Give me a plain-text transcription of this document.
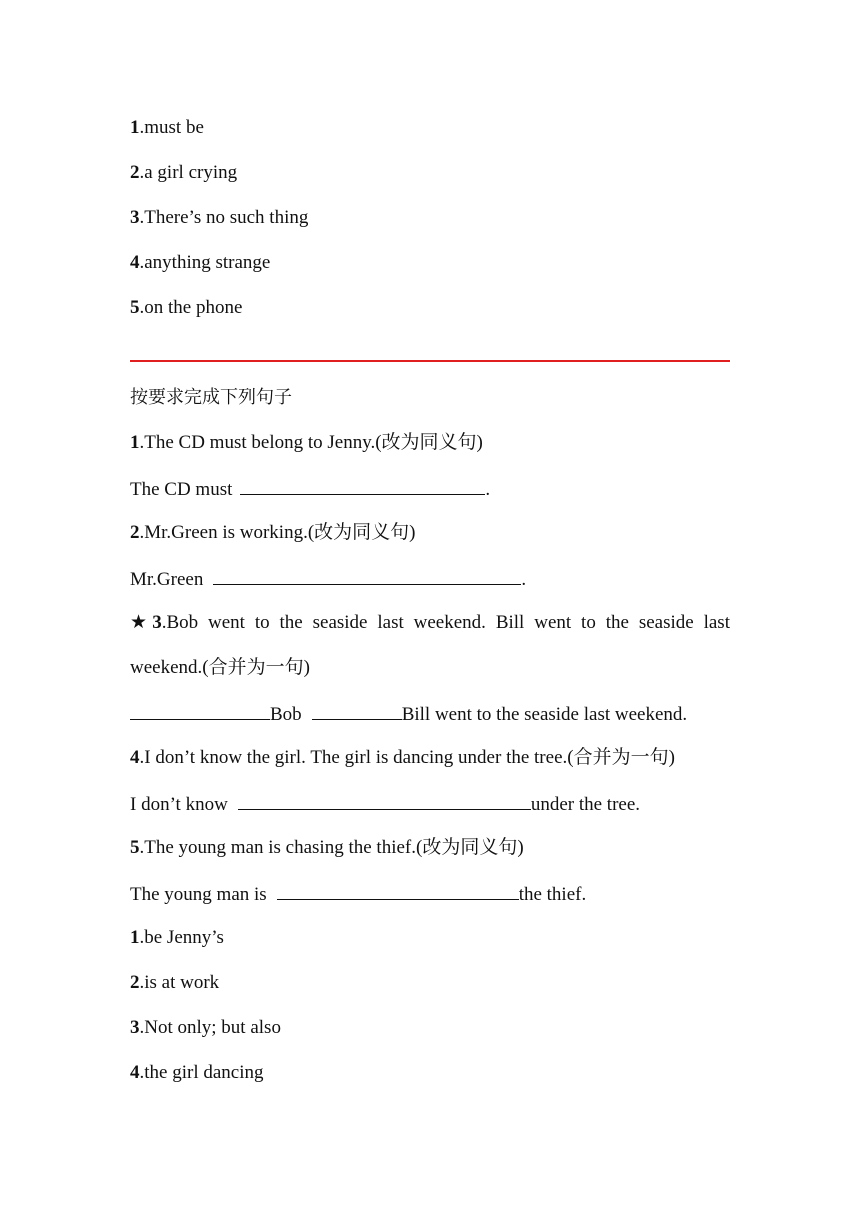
1.must be
2.a girl crying
3.There’s no such thing
4.anything strange
5.on the phone
按要求完成下列句子
1.The CD must belong to Jenny.(改为同义句)
The CD must	.
2.Mr.Green is working.(改为同义句)
Mr.Green	.
★3.Bob went to the seaside last weekend. Bill went to the seaside last weekend.(合并为一句)
Bob	Bill went to the seaside last weekend.
4.I don’t know the girl. The girl is dancing under the tree.(合并为一句)
I don’t know	under the tree.
5.The young man is chasing the thief.(改为同义句)
The young man is	the thief.
1.be Jenny’s
2.is at work
3.Not only; but also
4.the girl dancing
